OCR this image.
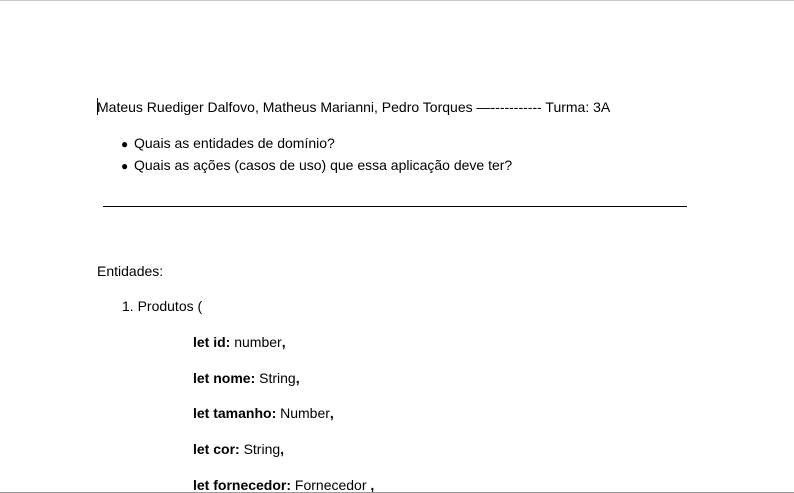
Mateus Ruediger Dalfovo, Matheus Marianni, Pedro Torques —----------- Turma: 3A
● Quais as entidades de domínio?
● Quais as ações (casos de uso) que essa aplicação deve ter?
Entidades:
1. Produtos (
let id: number,
let nome: String,
let tamanho: Number,
let cor: String,
let fornecedor: Fornecedor ,
